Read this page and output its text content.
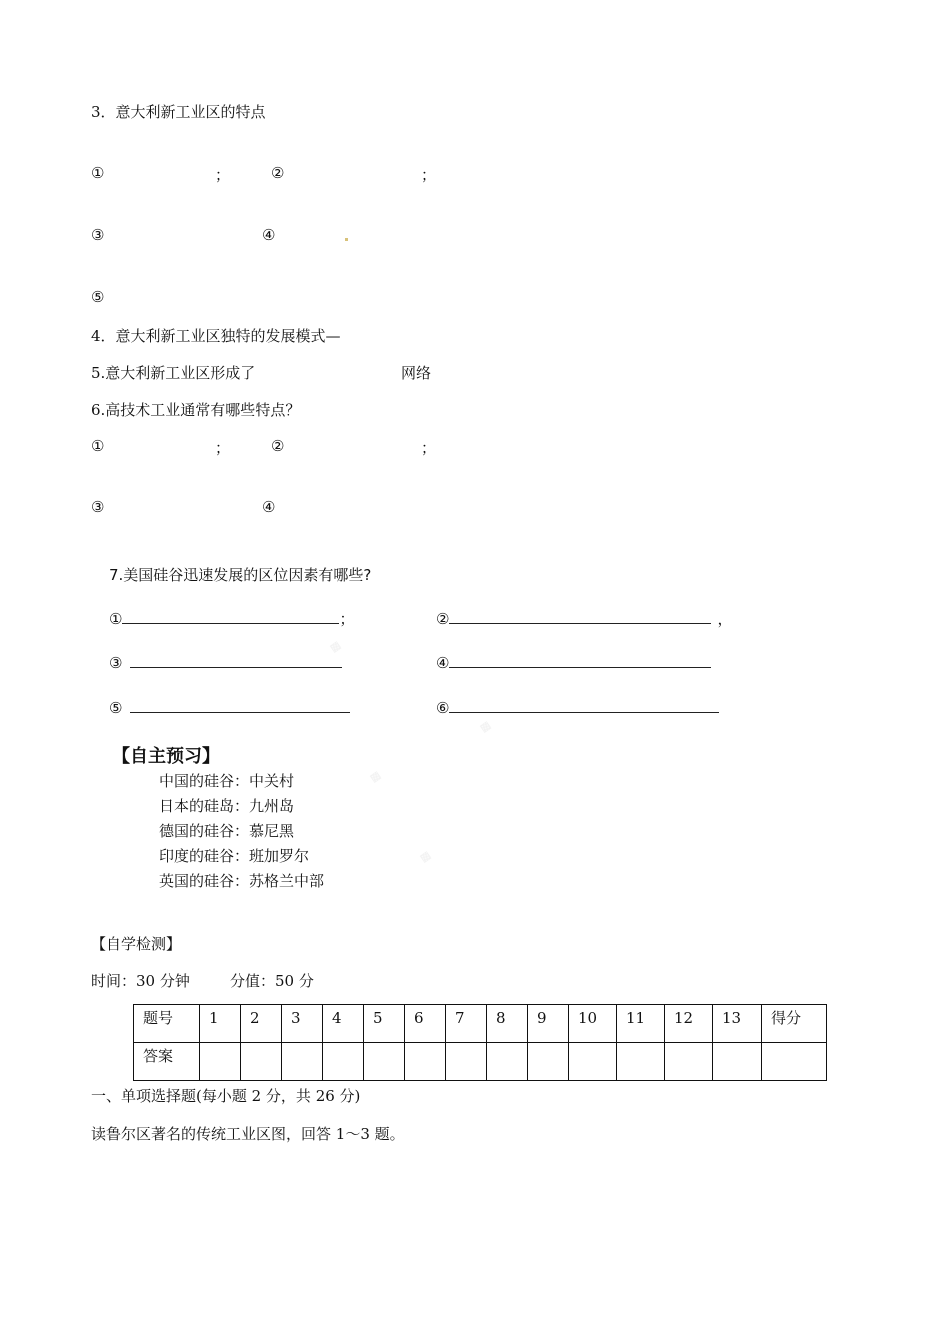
▩
▩
▩
▩
3．意大利新工业区的特点
①	；	②	；
③	④
⑤
4．意大利新工业区独特的发展模式—
5.意大利新工业区形成了	网络
6.高技术工业通常有哪些特点？
①	；	②	；
③	④
7.美国硅谷迅速发展的区位因素有哪些?
①	；	②	，
③	④
⑤	⑥
【自主预习】
中国的硅谷：中关村
日本的硅岛：九州岛
德国的硅谷：慕尼黑
印度的硅谷：班加罗尔
英国的硅谷：苏格兰中部
【自学检测】
时间：30 分钟	分值：50 分
题号	1	2	3	4	5	6	7	8	9	10	11	12	13	得分
答案														
一、单项选择题(每小题 2 分，共 26 分)
读鲁尔区著名的传统工业区图，回答 1～3 题。
